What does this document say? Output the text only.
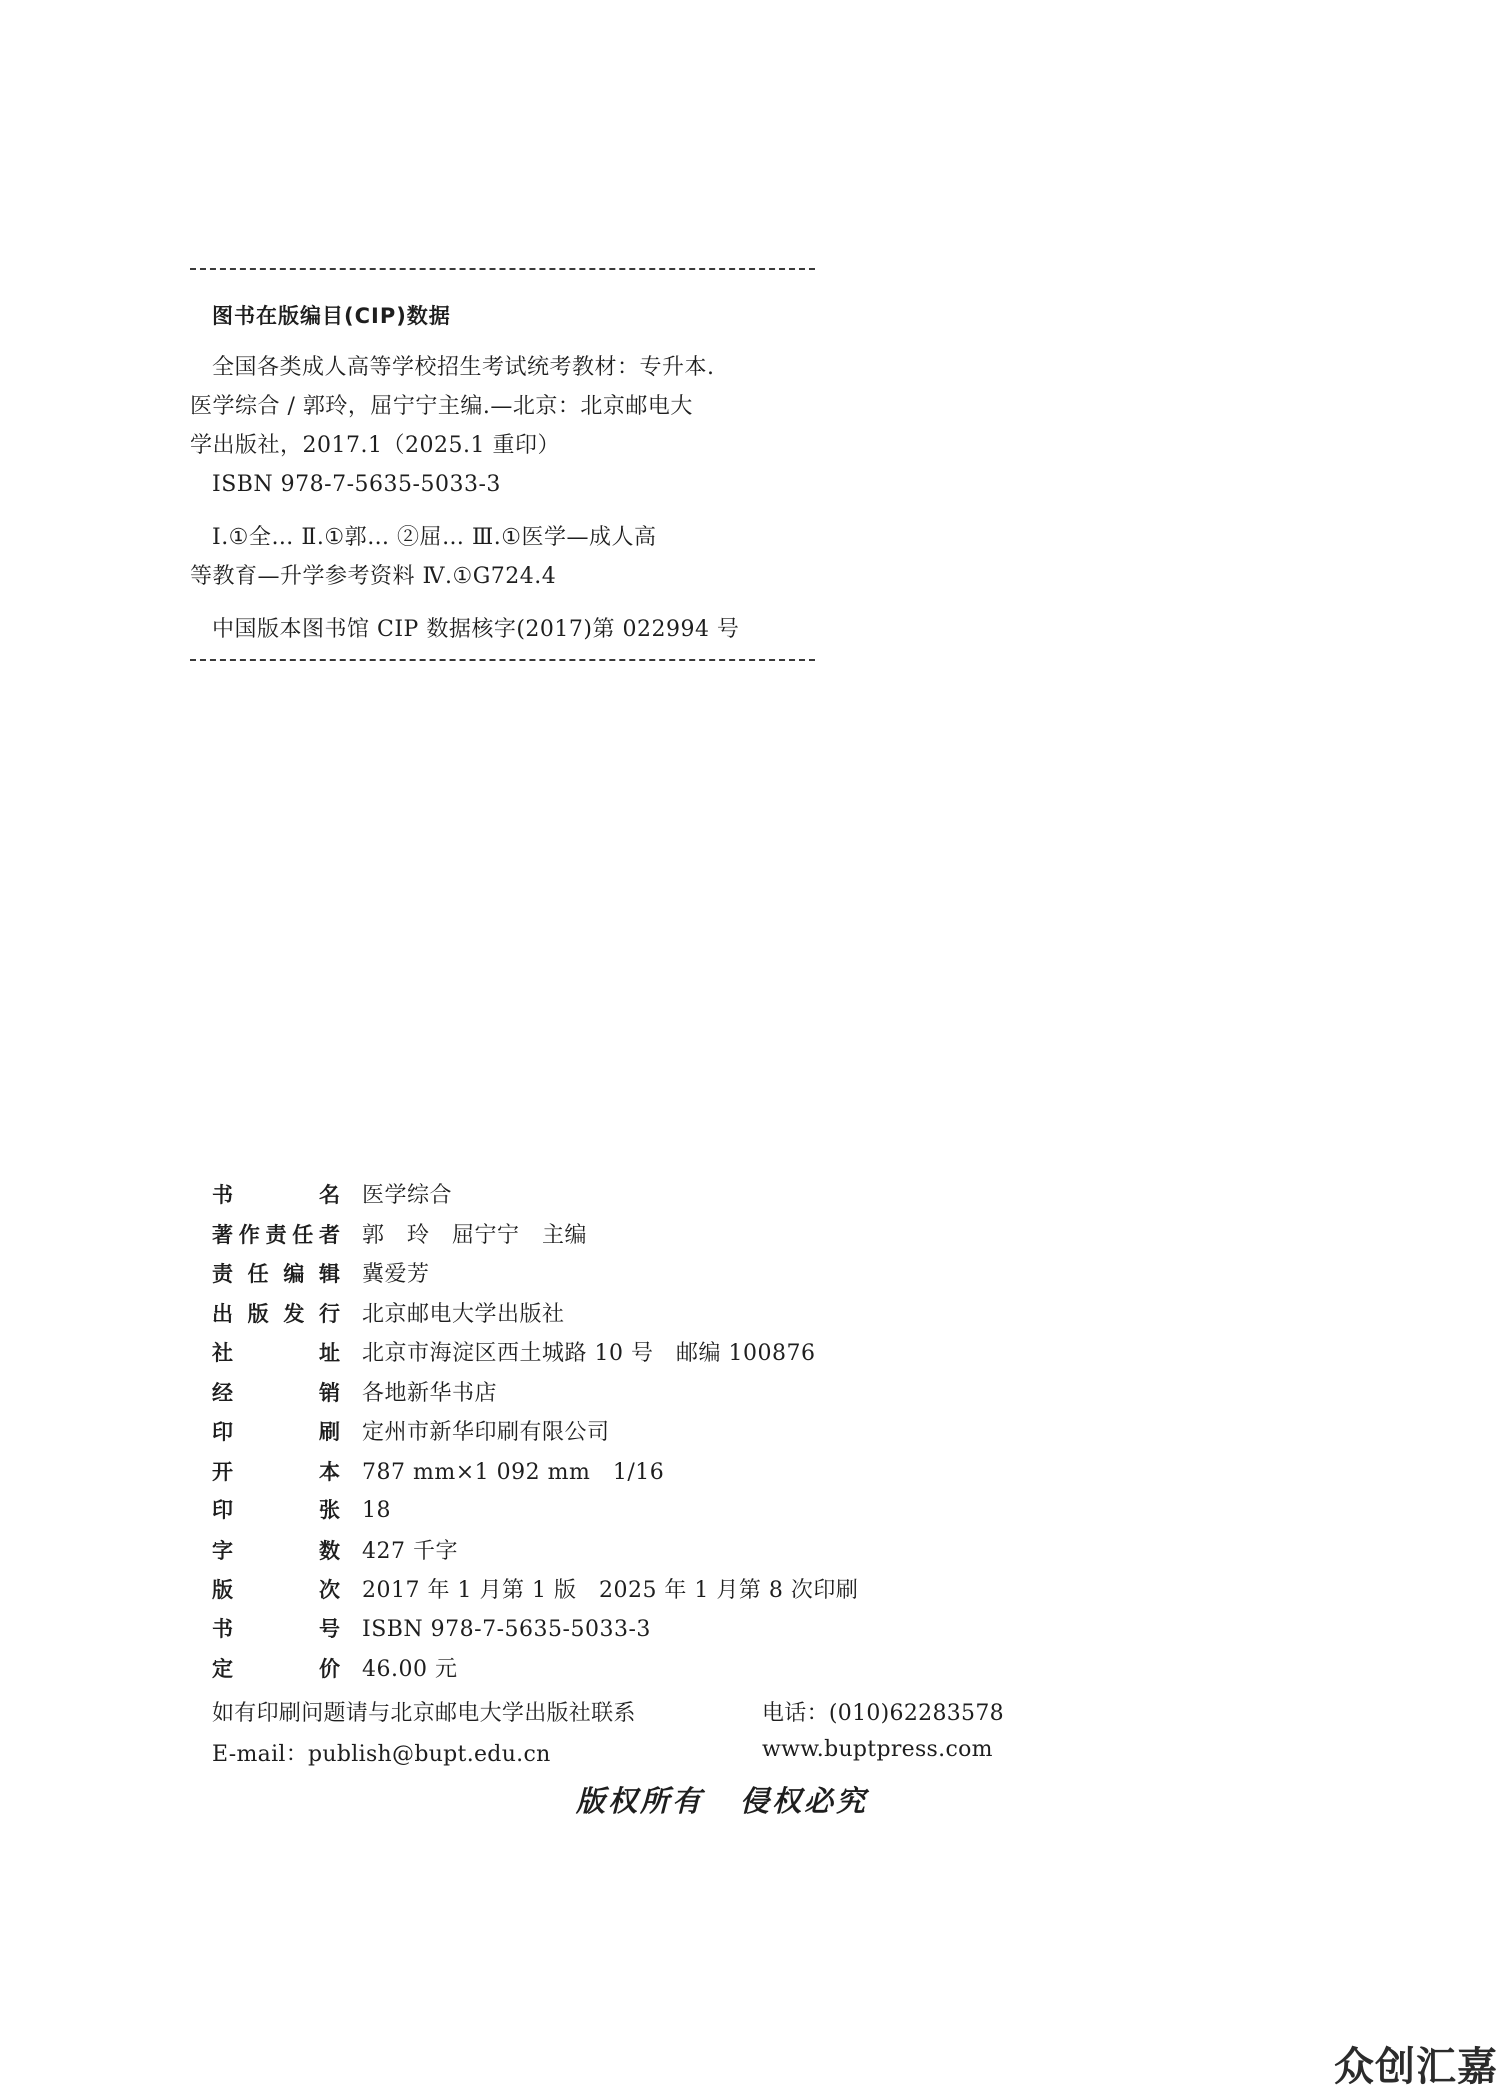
图书在版编目(CIP)数据
全国各类成人高等学校招生考试统考教材：专升本.
医学综合 / 郭玲，屈宁宁主编.—北京：北京邮电大
学出版社，2017.1（2025.1 重印）
ISBN 978-7-5635-5033-3
Ⅰ.①全… Ⅱ.①郭… ②屈… Ⅲ.①医学—成人高
等教育—升学参考资料 Ⅳ.①G724.4
中国版本图书馆 CIP 数据核字(2017)第 022994 号
书	名 医学综合
著 作 责 任 者 郭　玲　屈宁宁　主编
责 任 编 辑 冀爱芳
出 版 发 行 北京邮电大学出版社
社	址 北京市海淀区西土城路 10 号　邮编 100876
经	销 各地新华书店
印	刷 定州市新华印刷有限公司
开	本 787 mm×1 092 mm　1/16
印	张 18
字	数 427 千字
版	次 2017 年 1 月第 1 版　2025 年 1 月第 8 次印刷
书	号 ISBN 978-7-5635-5033-3
定	价 46.00 元
如有印刷问题请与北京邮电大学出版社联系	电话：(010)62283578
E-mail：publish@bupt.edu.cn	www.buptpress.com
版权所有 侵权必究
众创汇嘉
